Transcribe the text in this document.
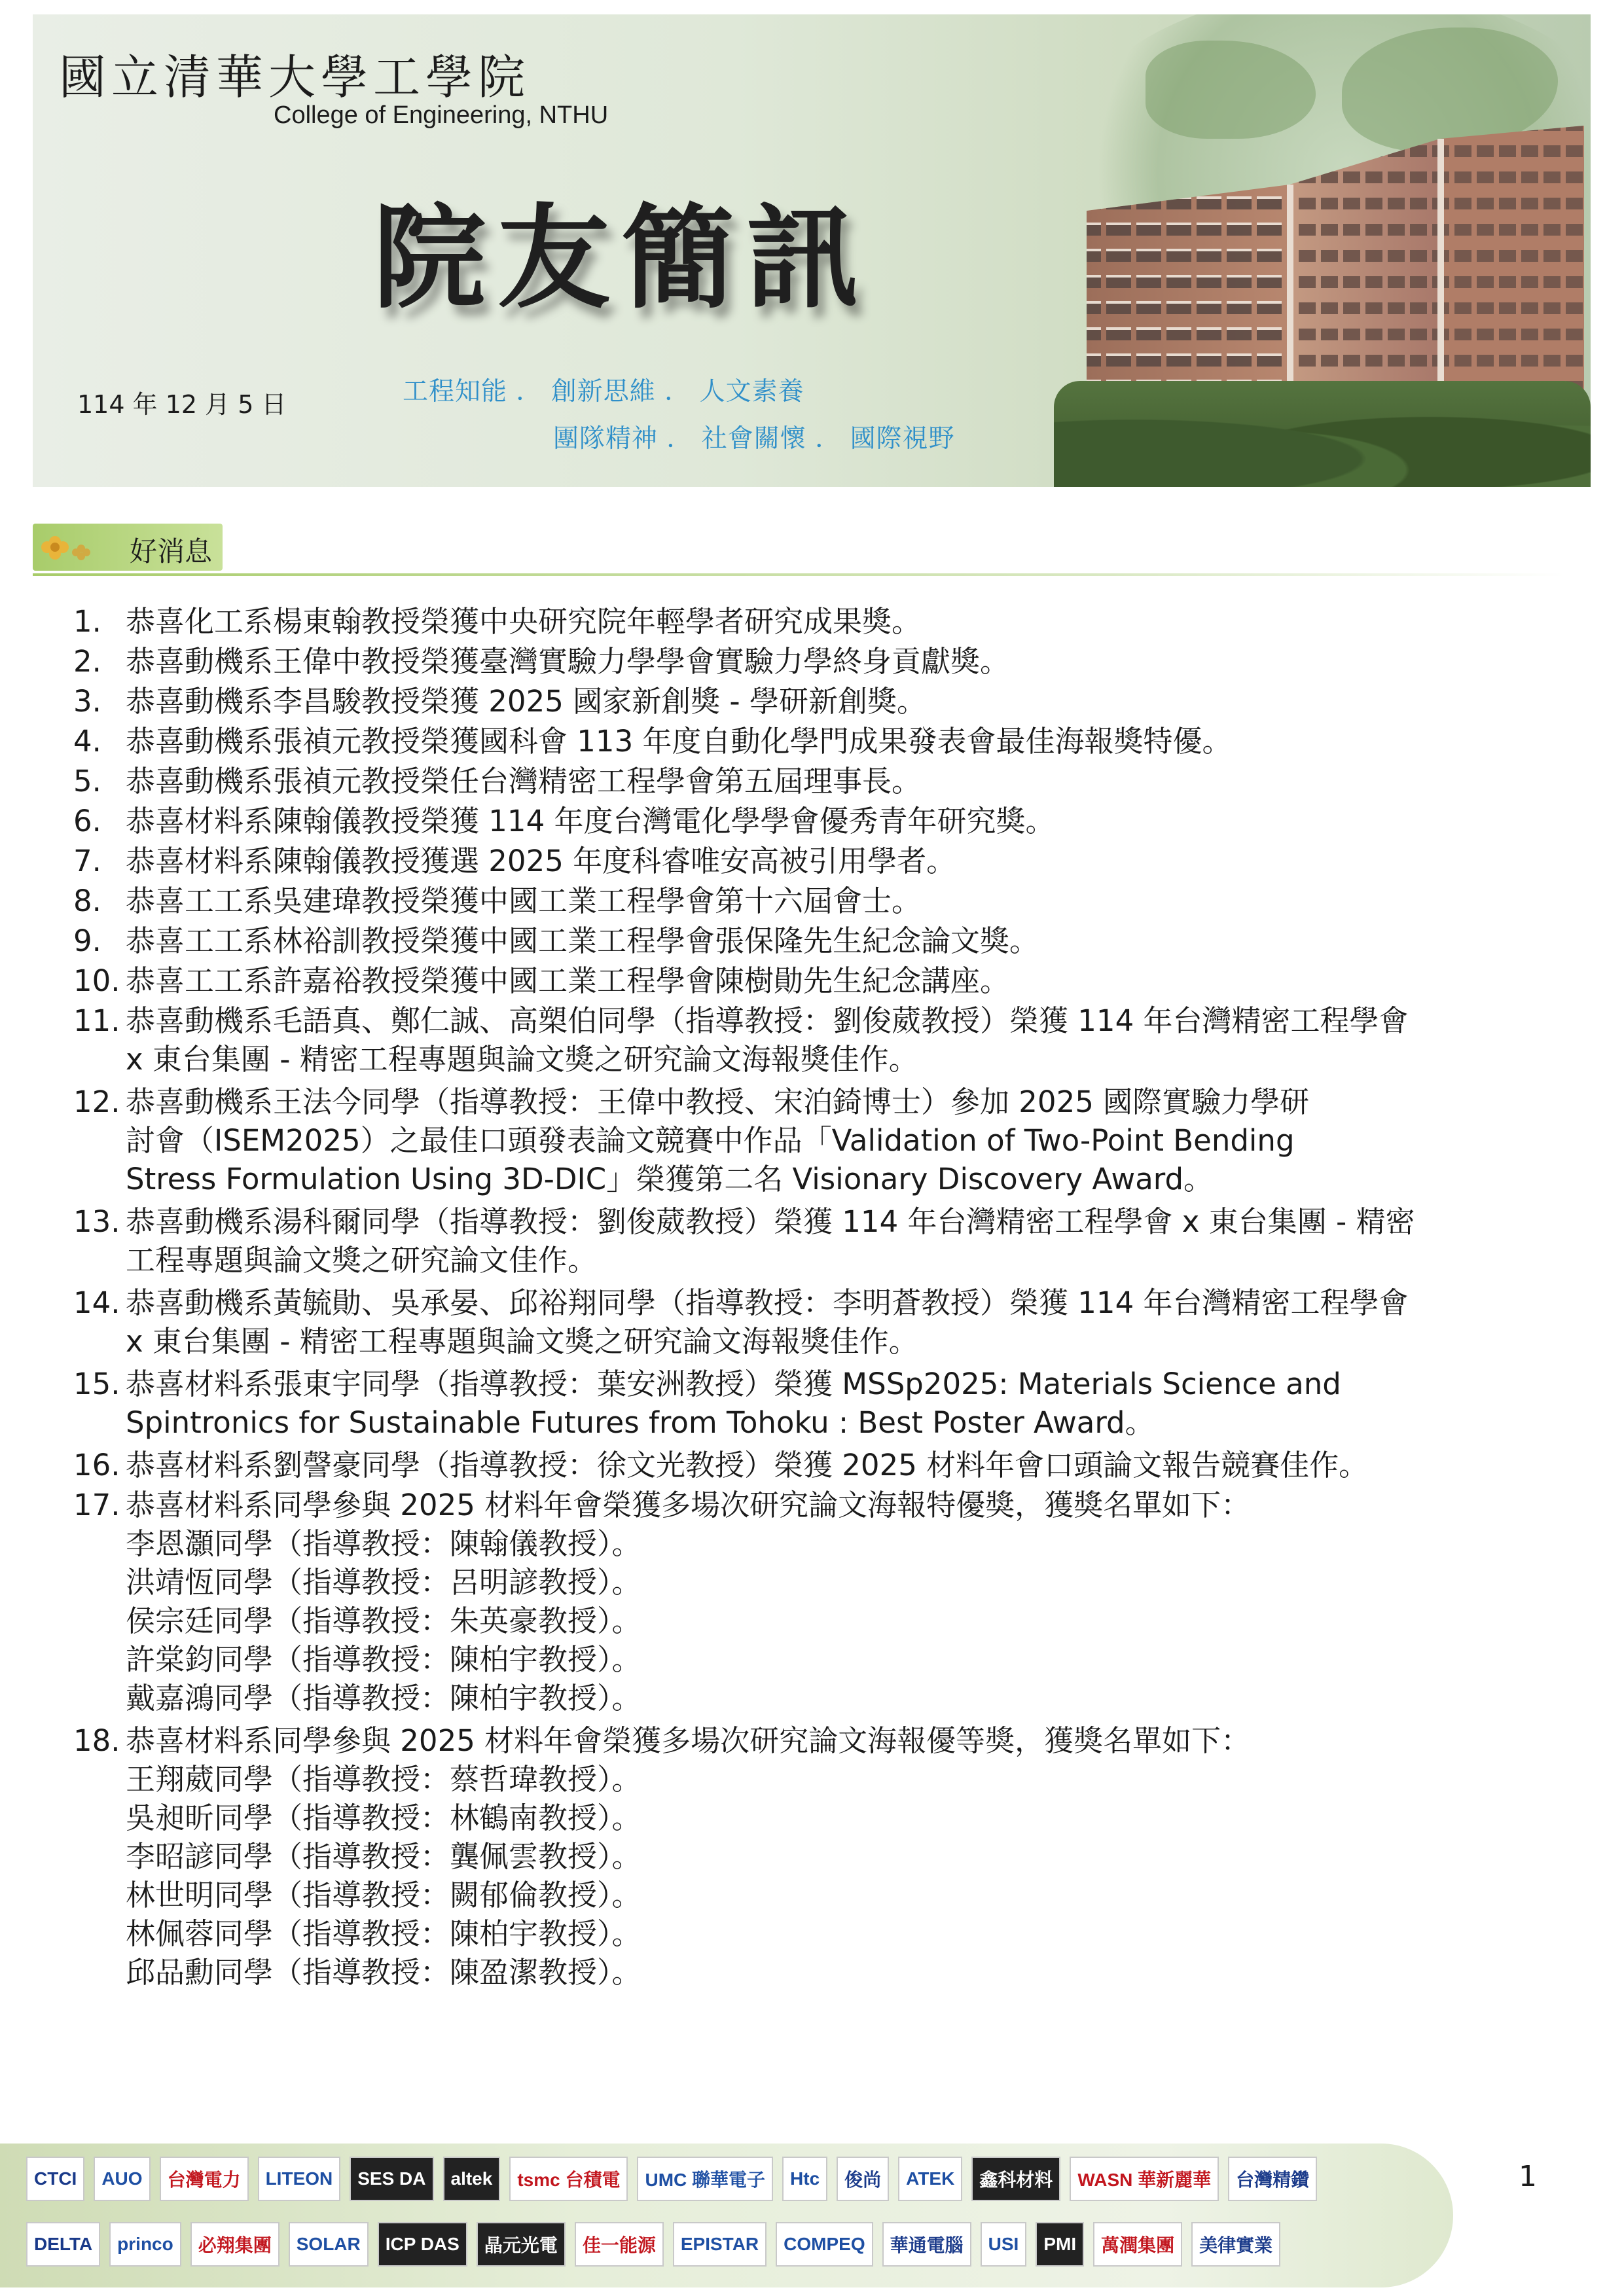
國立清華大學工學院
College of Engineering, NTHU
院友簡訊
114 年 12 月 5 日	工程知能 ． 創新思維 ． 人文素養
團隊精神 ． 社會關懷 ． 國際視野
好消息
1. 恭喜化工系楊東翰教授榮獲中央研究院年輕學者研究成果獎。
2. 恭喜動機系王偉中教授榮獲臺灣實驗力學學會實驗力學終身貢獻獎。
3. 恭喜動機系李昌駿教授榮獲 2025 國家新創獎 - 學研新創獎。
4. 恭喜動機系張禎元教授榮獲國科會 113 年度自動化學門成果發表會最佳海報獎特優。
5. 恭喜動機系張禎元教授榮任台灣精密工程學會第五屆理事長。
6. 恭喜材料系陳翰儀教授榮獲 114 年度台灣電化學學會優秀青年研究獎。
7. 恭喜材料系陳翰儀教授獲選 2025 年度科睿唯安高被引用學者。
8. 恭喜工工系吳建瑋教授榮獲中國工業工程學會第十六屆會士。
9. 恭喜工工系林裕訓教授榮獲中國工業工程學會張保隆先生紀念論文獎。
10. 恭喜工工系許嘉裕教授榮獲中國工業工程學會陳樹勛先生紀念講座。
11. 恭喜動機系毛語真、鄭仁誠、高槊伯同學（指導教授：劉俊葳教授）榮獲 114 年台灣精密工程學會
x 東台集團 - 精密工程專題與論文獎之研究論文海報獎佳作。
12. 恭喜動機系王法今同學（指導教授：王偉中教授、宋泊錡博士）參加 2025 國際實驗力學研
討會（ISEM2025）之最佳口頭發表論文競賽中作品「Validation of Two-Point Bending
Stress Formulation Using 3D-DIC」榮獲第二名 Visionary Discovery Award。
13. 恭喜動機系湯科爾同學（指導教授：劉俊葳教授）榮獲 114 年台灣精密工程學會 x 東台集團 - 精密
工程專題與論文獎之研究論文佳作。
14. 恭喜動機系黃毓勛、吳承晏、邱裕翔同學（指導教授：李明蒼教授）榮獲 114 年台灣精密工程學會
x 東台集團 - 精密工程專題與論文獎之研究論文海報獎佳作。
15. 恭喜材料系張東宇同學（指導教授：葉安洲教授）榮獲 MSSp2025: Materials Science and
Spintronics for Sustainable Futures from Tohoku : Best Poster Award。
16. 恭喜材料系劉謦豪同學（指導教授：徐文光教授）榮獲 2025 材料年會口頭論文報告競賽佳作。
17. 恭喜材料系同學參與 2025 材料年會榮獲多場次研究論文海報特優獎，獲獎名單如下：
李恩灝同學（指導教授：陳翰儀教授）。
洪靖恆同學（指導教授：呂明諺教授）。
侯宗廷同學（指導教授：朱英豪教授）。
許棠鈞同學（指導教授：陳柏宇教授）。
戴嘉鴻同學（指導教授：陳柏宇教授）。
18. 恭喜材料系同學參與 2025 材料年會榮獲多場次研究論文海報優等獎，獲獎名單如下：
王翔葳同學（指導教授：蔡哲瑋教授）。
吳昶昕同學（指導教授：林鶴南教授）。
李昭諺同學（指導教授：龔佩雲教授）。
林世明同學（指導教授：闕郁倫教授）。
林佩蓉同學（指導教授：陳柏宇教授）。
邱品勳同學（指導教授：陳盈潔教授）。
CTCI	AUO	台灣電力	LITEON	SES DA	altek	tsmc 台積電	UMC 聯華電子	Htc	俊尚	ATEK	鑫科材料	WASN 華新麗華	台灣精鑽
DELTA	princo	必翔集團	SOLAR	ICP DAS	晶元光電	佳一能源	EPISTAR	COMPEQ	華通電腦	USI	PMI	萬潤集團	美律實業
1
